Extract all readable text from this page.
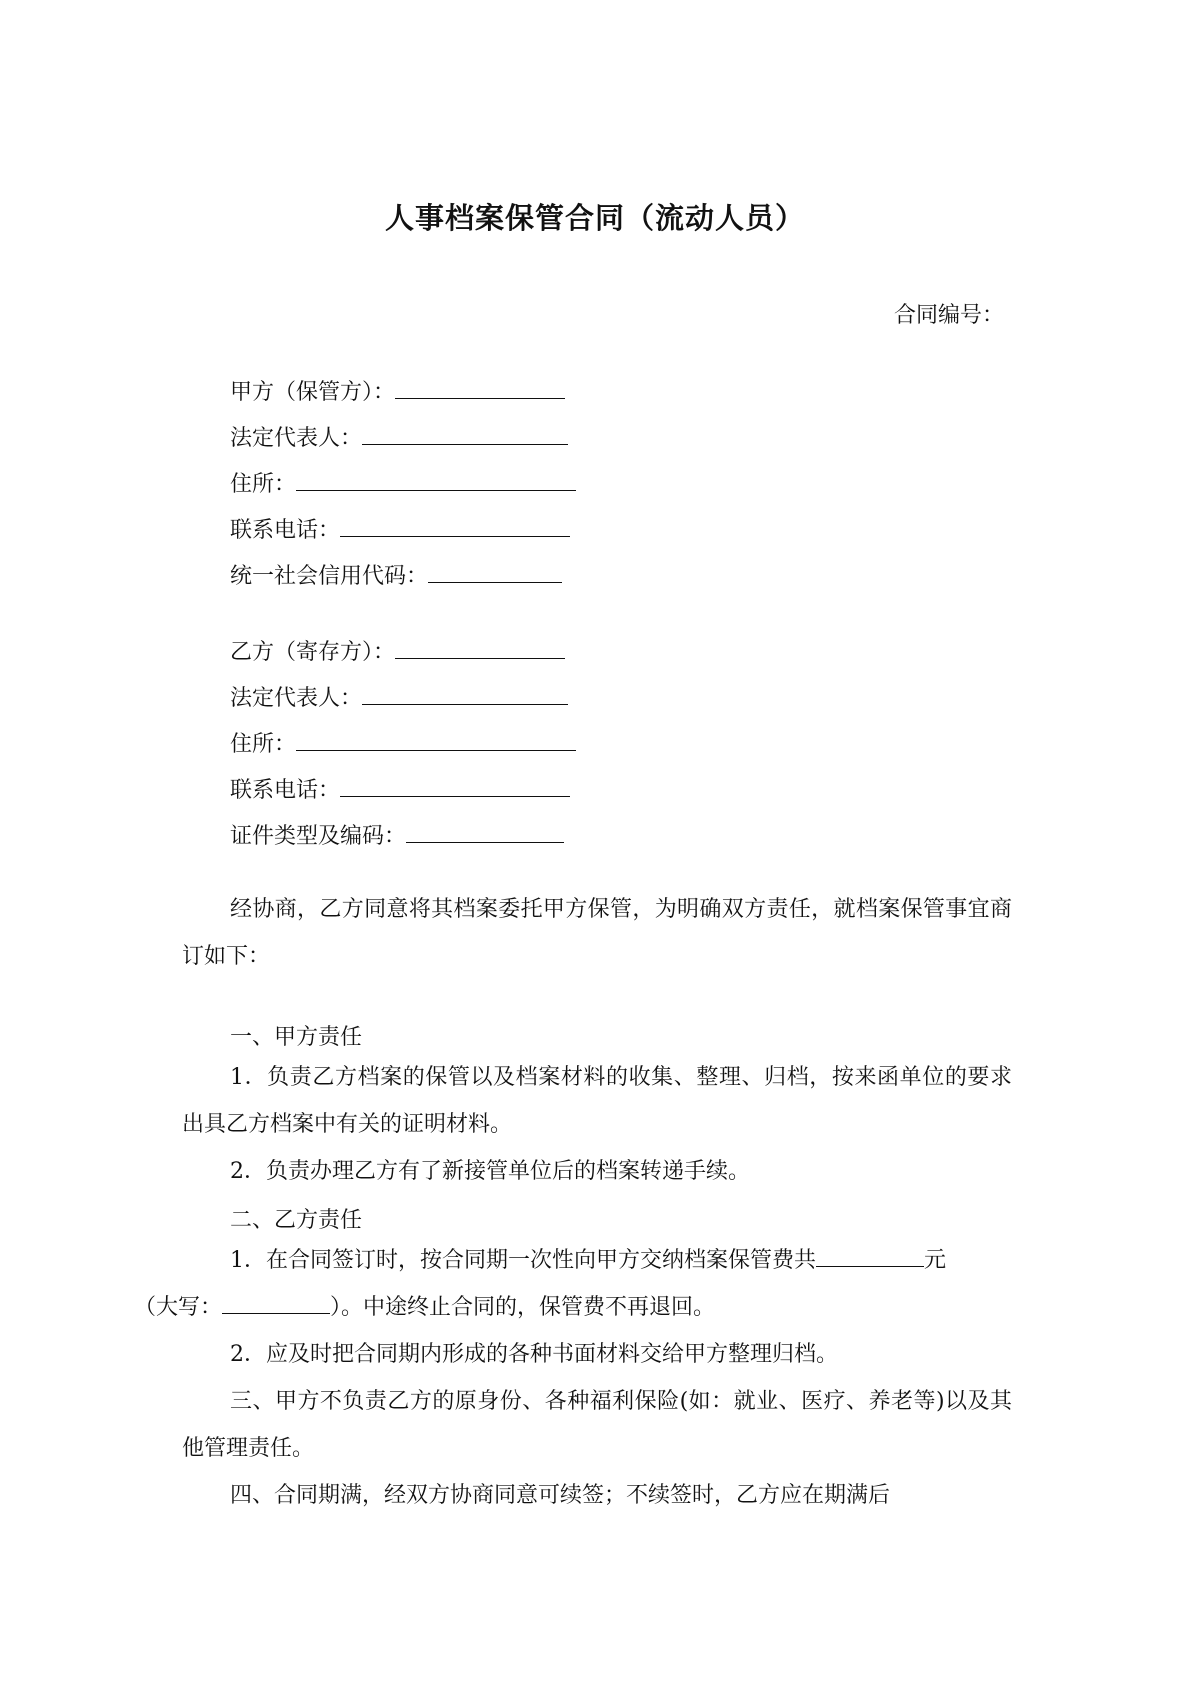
人事档案保管合同（流动人员）
合同编号：
甲方（保管方）：
法定代表人：
住所：
联系电话：
统一社会信用代码：
乙方（寄存方）：
法定代表人：
住所：
联系电话：
证件类型及编码：
经协商，乙方同意将其档案委托甲方保管，为明确双方责任，就档案保管事宜商订如下：
一、甲方责任
1．负责乙方档案的保管以及档案材料的收集、整理、归档，按来函单位的要求出具乙方档案中有关的证明材料。
2．负责办理乙方有了新接管单位后的档案转递手续。
二、乙方责任
1．在合同签订时，按合同期一次性向甲方交纳档案保管费共	元
（大写：	）。中途终止合同的，保管费不再退回。
2．应及时把合同期内形成的各种书面材料交给甲方整理归档。
三、甲方不负责乙方的原身份、各种福利保险(如：就业、医疗、养老等)以及其他管理责任。
四、合同期满，经双方协商同意可续签；不续签时，乙方应在期满后
